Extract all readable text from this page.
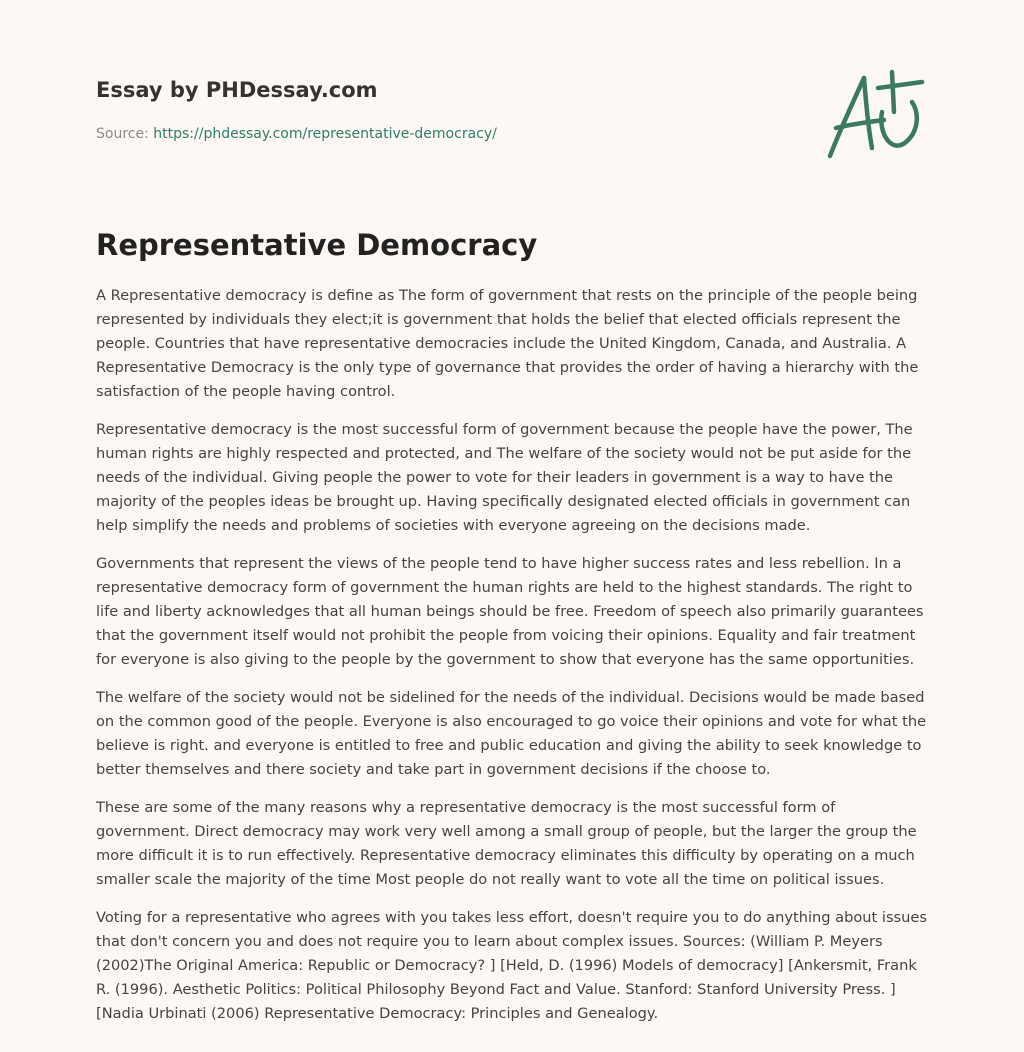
Essay by PHDessay.com
Source: https://phdessay.com/representative-democracy/
Representative Democracy

A Representative democracy is define as The form of government that rests on the principle of the people being represented by individuals they elect;it is government that holds the belief that elected officials represent the people. Countries that have representative democracies include the United Kingdom, Canada, and Australia. A Representative Democracy is the only type of governance that provides the order of having a hierarchy with the satisfaction of the people having control.

Representative democracy is the most successful form of government because the people have the power, The human rights are highly respected and protected, and The welfare of the society would not be put aside for the needs of the individual. Giving people the power to vote for their leaders in government is a way to have the majority of the peoples ideas be brought up. Having specifically designated elected officials in government can help simplify the needs and problems of societies with everyone agreeing on the decisions made.

Governments that represent the views of the people tend to have higher success rates and less rebellion. In a representative democracy form of government the human rights are held to the highest standards. The right to life and liberty acknowledges that all human beings should be free. Freedom of speech also primarily guarantees that the government itself would not prohibit the people from voicing their opinions. Equality and fair treatment for everyone is also giving to the people by the government to show that everyone has the same opportunities.

The welfare of the society would not be sidelined for the needs of the individual. Decisions would be made based on the common good of the people. Everyone is also encouraged to go voice their opinions and vote for what the believe is right. and everyone is entitled to free and public education and giving the ability to seek knowledge to better themselves and there society and take part in government decisions if the choose to.

These are some of the many reasons why a representative democracy is the most successful form of government. Direct democracy may work very well among a small group of people, but the larger the group the more difficult it is to run effectively. Representative democracy eliminates this difficulty by operating on a much smaller scale the majority of the time Most people do not really want to vote all the time on political issues.

Voting for a representative who agrees with you takes less effort, doesn't require you to do anything about issues that don't concern you and does not require you to learn about complex issues. Sources: (William P. Meyers (2002)The Original America: Republic or Democracy? ] [Held, D. (1996) Models of democracy] [Ankersmit, Frank R. (1996). Aesthetic Politics: Political Philosophy Beyond Fact and Value. Stanford: Stanford University Press. ] [Nadia Urbinati (2006) Representative Democracy: Principles and Genealogy.
